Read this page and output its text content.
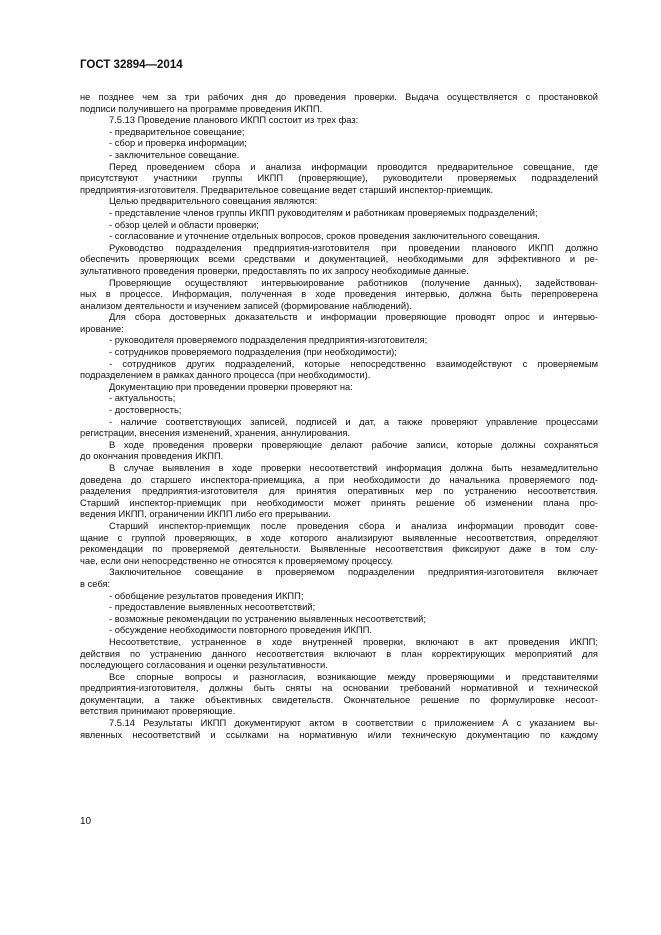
ГОСТ 32894—2014
не позднее чем за три рабочих дня до проведения проверки. Выдача осуществляется с простановкой
подписи получившего на программе проведения ИКПП.
7.5.13 Проведение планового ИКПП состоит из трех фаз:
- предварительное совещание;
- сбор и проверка информации;
- заключительное совещание.
Перед проведением сбора и анализа информации проводится предварительное совещание, где
присутствуют участники группы ИКПП (проверяющие), руководители проверяемых подразделений
предприятия-изготовителя. Предварительное совещание ведет старший инспектор-приемщик.
Целью предварительного совещания являются:
- представление членов группы ИКПП руководителям и работникам проверяемых подразделений;
- обзор целей и области проверки;
- согласование и уточнение отдельных вопросов, сроков проведения заключительного совещания.
Руководство подразделения предприятия-изготовителя при проведении планового ИКПП должно
обеспечить проверяющих всеми средствами и документацией, необходимыми для эффективного и ре-
зультативного проведения проверки, предоставлять по их запросу необходимые данные.
Проверяющие осуществляют интервьюирование работников (получение данных), задействован-
ных в процессе. Информация, полученная в ходе проведения интервью, должна быть перепроверена
анализом деятельности и изучением записей (формирование наблюдений).
Для сбора достоверных доказательств и информации проверяющие проводят опрос и интервью-
ирование:
- руководителя проверяемого подразделения предприятия-изготовителя;
- сотрудников проверяемого подразделения (при необходимости);
- сотрудников других подразделений, которые непосредственно взаимодействуют с проверяемым
подразделением в рамках данного процесса (при необходимости).
Документацию при проведении проверки проверяют на:
- актуальность;
- достоверность;
- наличие соответствующих записей, подписей и дат, а также проверяют управление процессами
регистрации, внесения изменений, хранения, аннулирования.
В ходе проведения проверки проверяющие делают рабочие записи, которые должны сохраняться
до окончания проведения ИКПП.
В случае выявления в ходе проверки несоответствий информация должна быть незамедлительно
доведена до старшего инспектора-приемщика, а при необходимости до начальника проверяемого под-
разделения предприятия-изготовителя для принятия оперативных мер по устранению несоответствия.
Старший инспектор-приемщик при необходимости может принять решение об изменении плана про-
ведения ИКПП, ограничении ИКПП либо его прерывании.
Старший инспектор-приемщик после проведения сбора и анализа информации проводит сове-
щание с группой проверяющих, в ходе которого анализируют выявленные несоответствия, определяют
рекомендации по проверяемой деятельности. Выявленные несоответствия фиксируют даже в том слу-
чае, если они непосредственно не относятся к проверяемому процессу.
Заключительное совещание в проверяемом подразделении предприятия-изготовителя включает
в себя:
- обобщение результатов проведения ИКПП;
- предоставление выявленных несоответствий;
- возможные рекомендации по устранению выявленных несоответствий;
- обсуждение необходимости повторного проведения ИКПП.
Несоответствие, устраненное в ходе внутренней проверки, включают в акт проведения ИКПП;
действия по устранению данного несоответствия включают в план корректирующих мероприятий для
последующего согласования и оценки результативности.
Все спорные вопросы и разногласия, возникающие между проверяющими и представителями
предприятия-изготовителя, должны быть сняты на основании требований нормативной и технической
документации, а также объективных свидетельств. Окончательное решение по формулировке несоот-
ветствия принимают проверяющие.
7.5.14 Результаты ИКПП документируют актом в соответствии с приложением А с указанием вы-
явленных несоответствий и ссылками на нормативную и/или техническую документацию по каждому
10
